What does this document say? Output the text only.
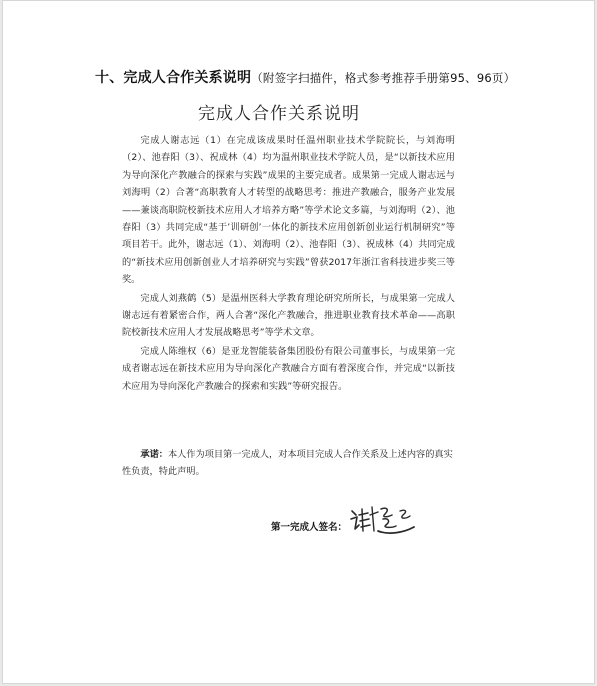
十、完成人合作关系说明（附签字扫描件，格式参考推荐手册第95、96页）
完成人合作关系说明

完成人谢志远（1）在完成该成果时任温州职业技术学院院长，与刘海明（2）、池春阳（3）、祝成林（4）均为温州职业技术学院人员，是“以新技术应用为导向深化产教融合的探索与实践”成果的主要完成者。成果第一完成人谢志远与刘海明（2）合著“高职教育人才转型的战略思考：推进产教融合，服务产业发展——兼谈高职院校新技术应用人才培养方略”等学术论文多篇，与刘海明（2）、池春阳（3）共同完成“基于’训研创’一体化的新技术应用创新创业运行机制研究”等项目若干。此外，谢志远（1）、刘海明（2）、池春阳（3）、祝成林（4）共同完成的“新技术应用创新创业人才培养研究与实践”曾获2017年浙江省科技进步奖三等奖。

完成人刘燕鹤（5）是温州医科大学教育理论研究所所长，与成果第一完成人谢志远有着紧密合作，两人合著“深化产教融合，推进职业教育技术革命——高职院校新技术应用人才发展战略思考”等学术文章。

完成人陈维权（6）是亚龙智能装备集团股份有限公司董事长，与成果第一完成者谢志远在新技术应用为导向深化产教融合方面有着深度合作，并完成“以新技术应用为导向深化产教融合的探索和实践”等研究报告。

承诺：本人作为项目第一完成人，对本项目完成人合作关系及上述内容的真实性负责，特此声明。

第一完成人签名：
